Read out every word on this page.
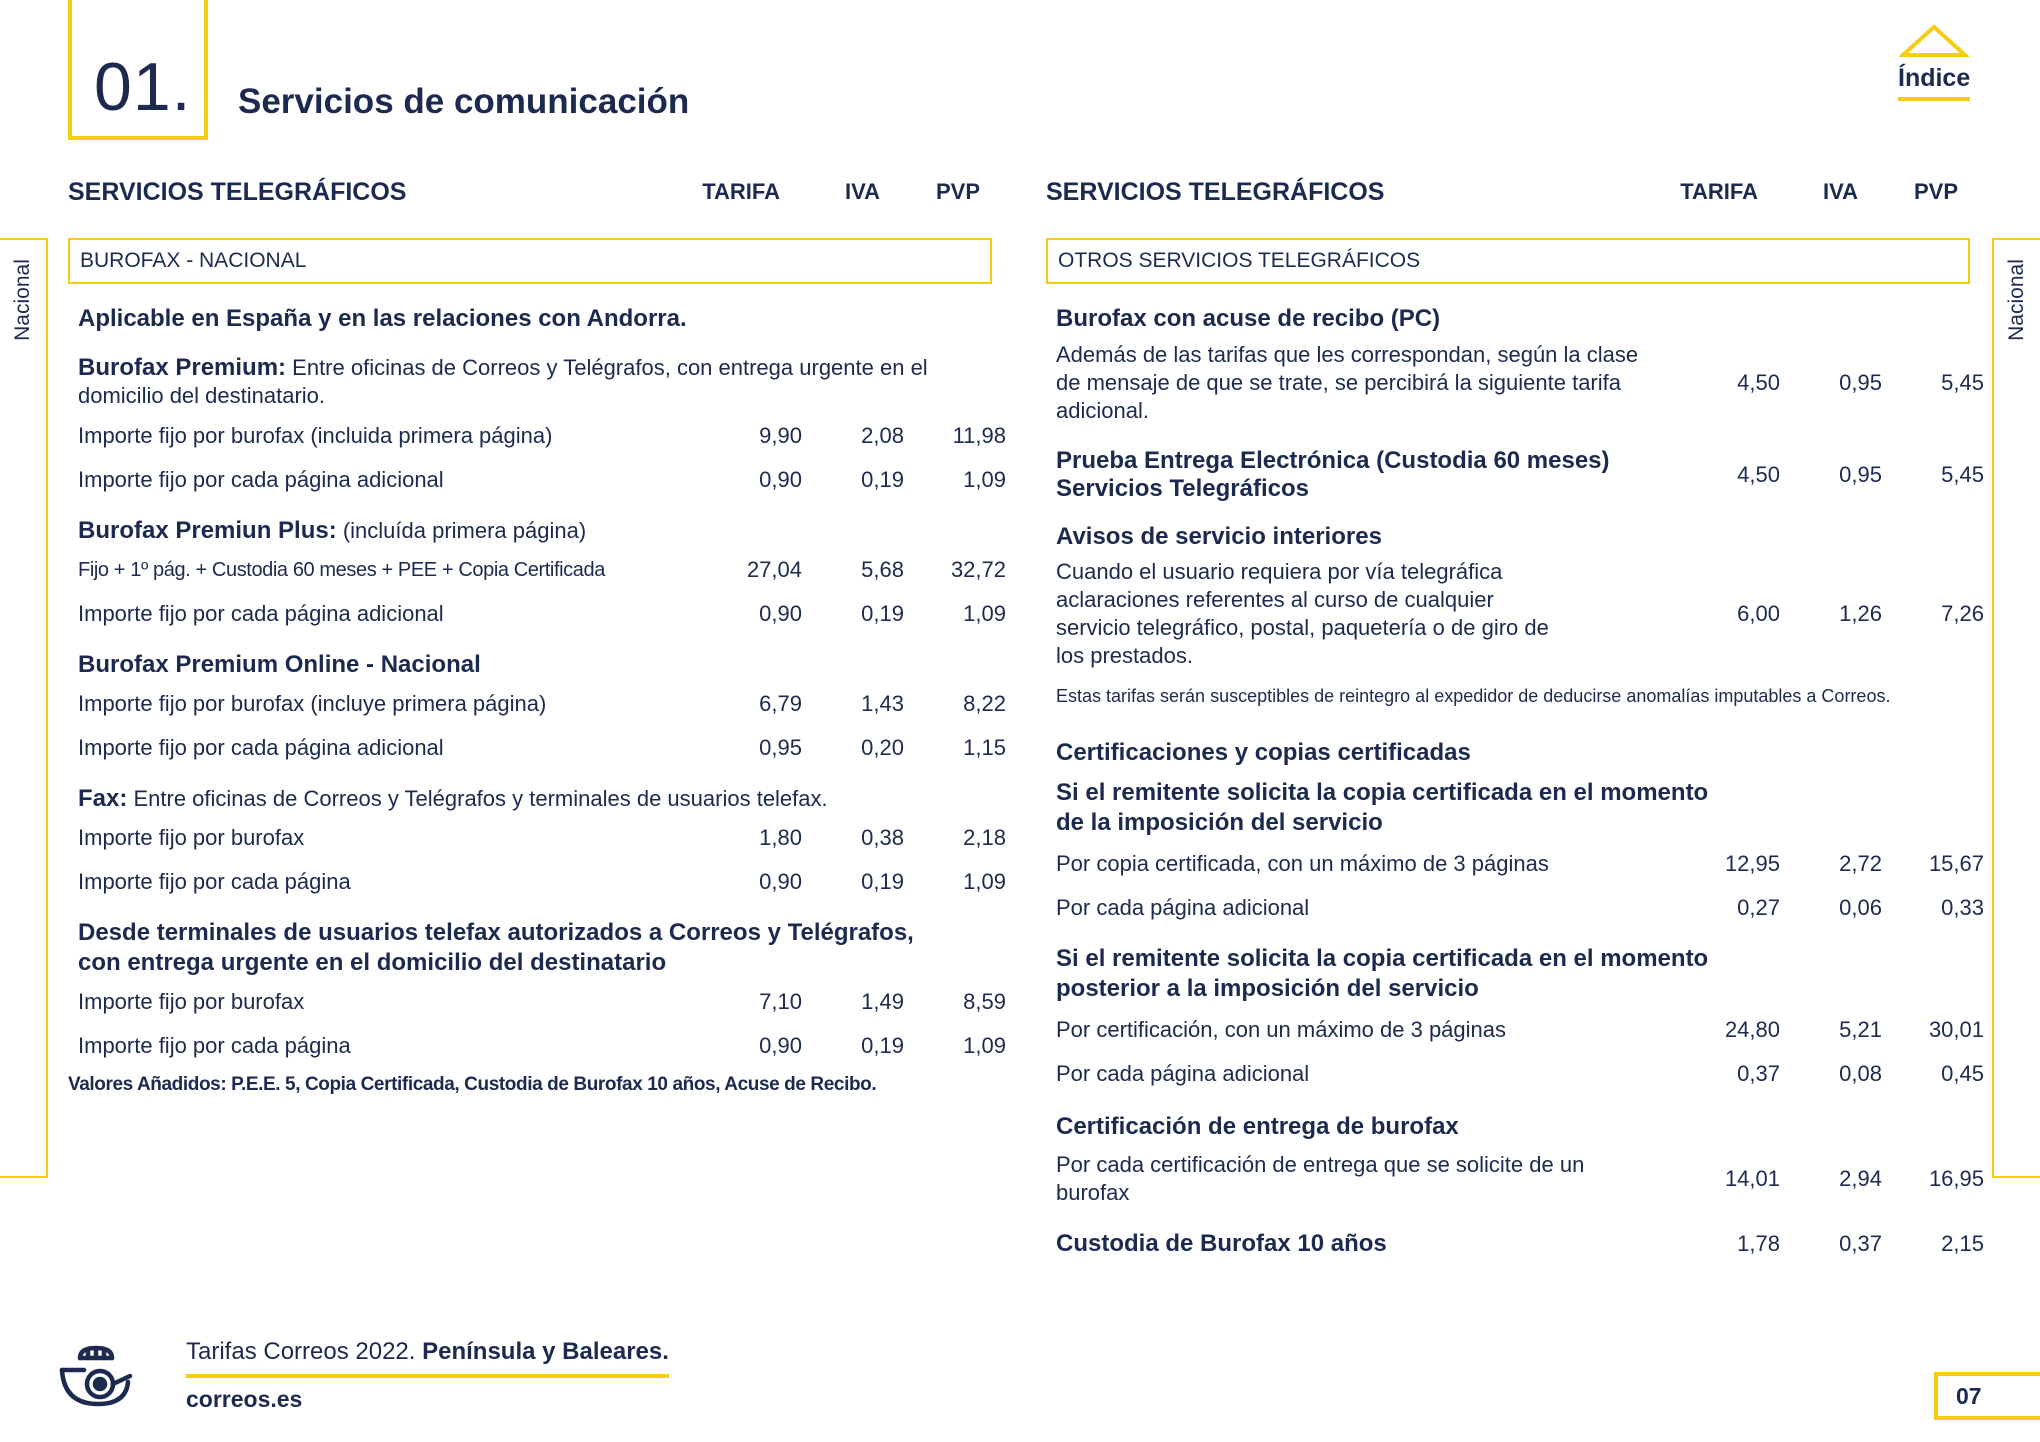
01. Servicios de comunicación
Índice
Nacional	Nacional
SERVICIOS TELEGRÁFICOS	TARIFA	IVA	PVP
BUROFAX - NACIONAL
Aplicable en España y en las relaciones con Andorra.
Burofax Premium: Entre oficinas de Correos y Telégrafos, con entrega urgente en el domicilio del destinatario.
Importe fijo por burofax (incluida primera página)	9,90	2,08	11,98
Importe fijo por cada página adicional	0,90	0,19	1,09
Burofax Premiun Plus: (incluída primera página)
Fijo + 1º pág. + Custodia 60 meses + PEE + Copia Certificada	27,04	5,68	32,72
Importe fijo por cada página adicional	0,90	0,19	1,09
Burofax Premium Online - Nacional
Importe fijo por burofax (incluye primera página)	6,79	1,43	8,22
Importe fijo por cada página adicional	0,95	0,20	1,15
Fax: Entre oficinas de Correos y Telégrafos y terminales de usuarios telefax.
Importe fijo por burofax	1,80	0,38	2,18
Importe fijo por cada página	0,90	0,19	1,09
Desde terminales de usuarios telefax autorizados a Correos y Telégrafos, con entrega urgente en el domicilio del destinatario
Importe fijo por burofax	7,10	1,49	8,59
Importe fijo por cada página	0,90	0,19	1,09
Valores Añadidos: P.E.E. 5, Copia Certificada, Custodia de Burofax 10 años, Acuse de Recibo.
SERVICIOS TELEGRÁFICOS	TARIFA	IVA	PVP
OTROS SERVICIOS TELEGRÁFICOS
Burofax con acuse de recibo (PC)
Además de las tarifas que les correspondan, según la clase de mensaje de que se trate, se percibirá la siguiente tarifa adicional.
4,50	0,95	5,45
Prueba Entrega Electrónica (Custodia 60 meses) Servicios Telegráficos
4,50	0,95	5,45
Avisos de servicio interiores
Cuando el usuario requiera por vía telegráfica aclaraciones referentes al curso de cualquier servicio telegráfico, postal, paquetería o de giro de los prestados.
6,00	1,26	7,26
Estas tarifas serán susceptibles de reintegro al expedidor de deducirse anomalías imputables a Correos.
Certificaciones y copias certificadas
Si el remitente solicita la copia certificada en el momento de la imposición del servicio
Por copia certificada, con un máximo de 3 páginas	12,95	2,72	15,67
Por cada página adicional	0,27	0,06	0,33
Si el remitente solicita la copia certificada en el momento posterior a la imposición del servicio
Por certificación, con un máximo de 3 páginas	24,80	5,21	30,01
Por cada página adicional	0,37	0,08	0,45
Certificación de entrega de burofax
Por cada certificación de entrega que se solicite de un burofax
14,01	2,94	16,95
Custodia de Burofax 10 años	1,78	0,37	2,15
Tarifas Correos 2022. Península y Baleares.
correos.es	07
